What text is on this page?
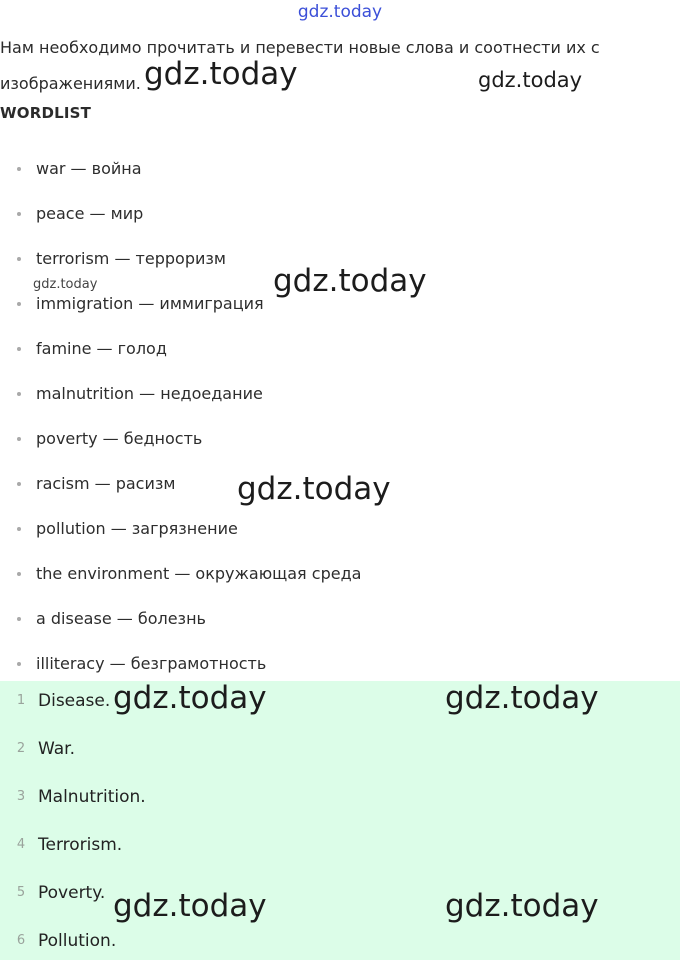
gdz.today
Нам необходимо прочитать и перевести новые слова и соотнести их с изображениями.
WORDLIST
war — война
peace — мир
terrorism — терроризм
immigration — иммиграция
famine — голод
malnutrition — недоедание
poverty — бедность
racism — расизм
pollution — загрязнение
the environment — окружающая среда
a disease — болезнь
illiteracy — безграмотность
1 Disease.
2 War.
3 Malnutrition.
4 Terrorism.
5 Poverty.
6 Pollution.
gdz.today	gdz.today
gdz.today	gdz.today
gdz.today
gdz.today	gdz.today
gdz.today	gdz.today
